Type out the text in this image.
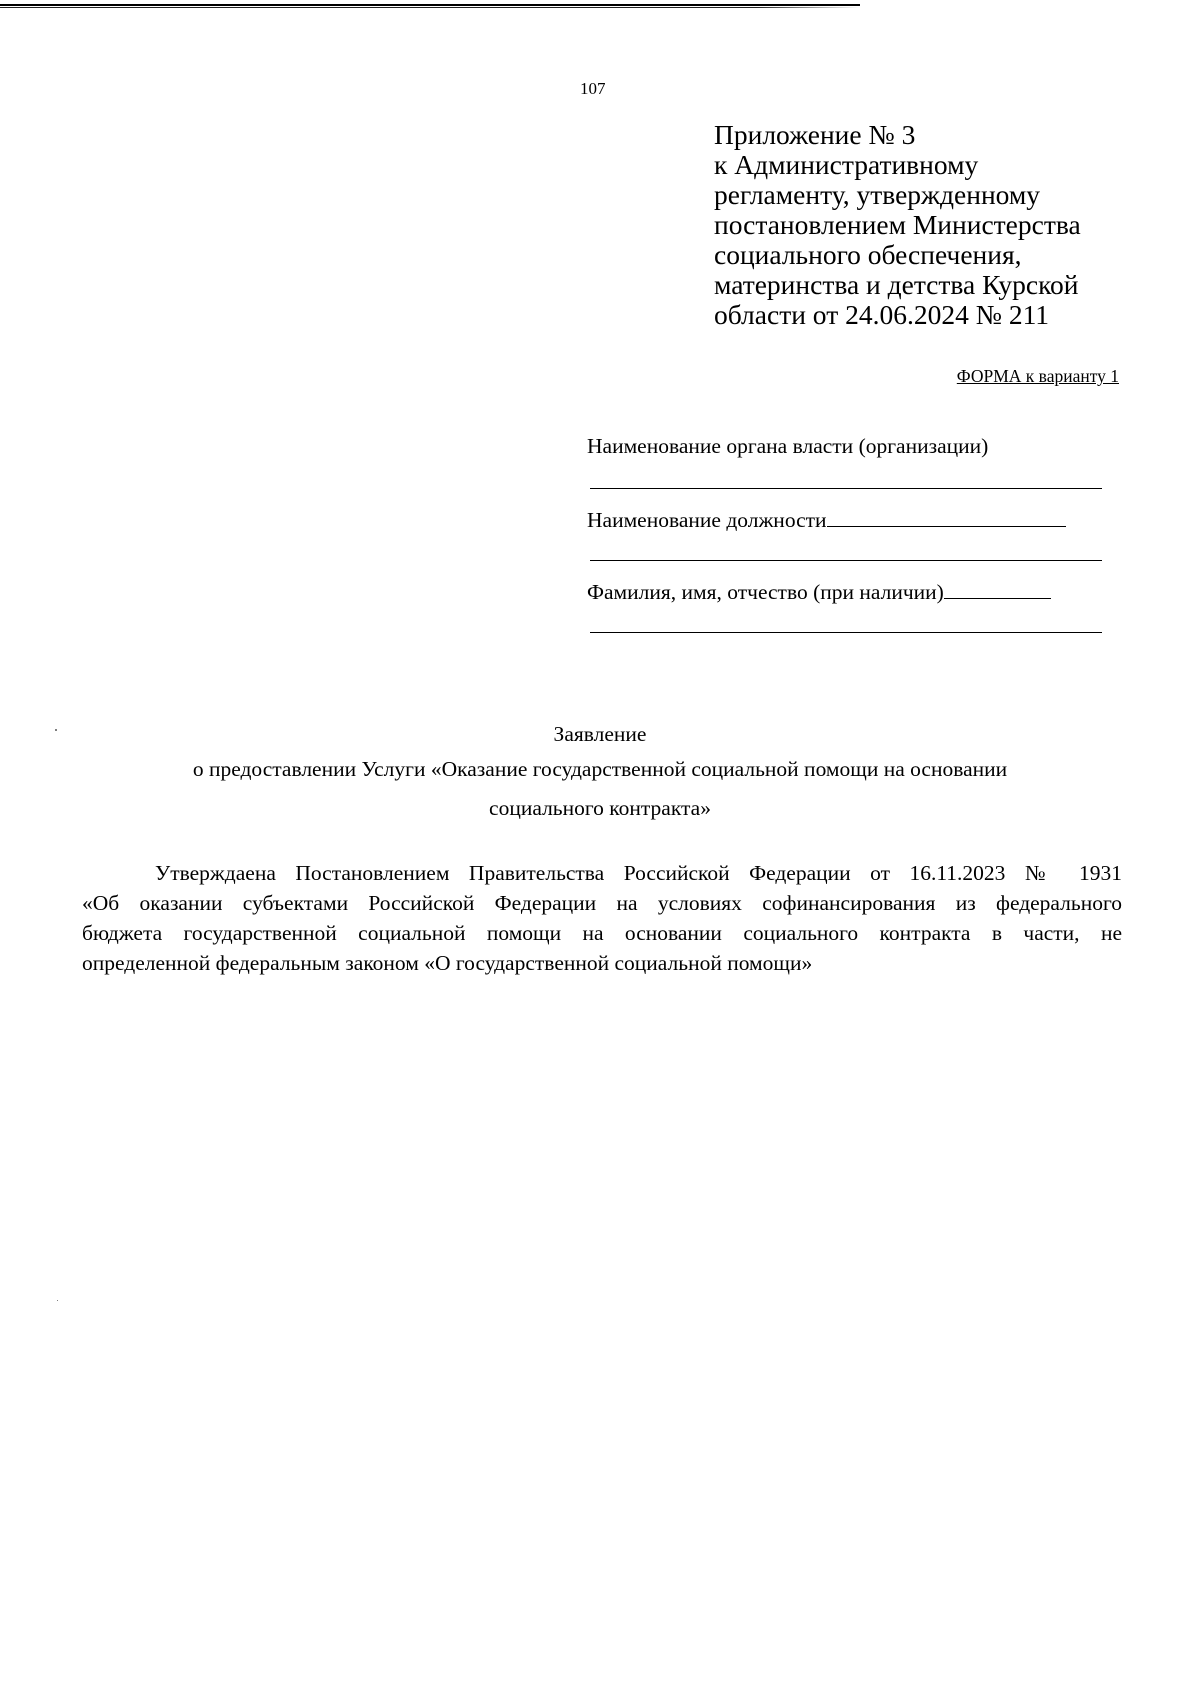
107
Приложение № 3
к Административному
регламенту, утвержденному
постановлением Министерства
социального обеспечения,
материнства и детства Курской
области от 24.06.2024 № 211
ФОРМА к варианту 1
Наименование органа власти (организации)
Наименование должности
Фамилия, имя, отчество (при наличии)
Заявление
о предоставлении Услуги «Оказание государственной социальной помощи на основании
социального контракта»
Утверждаена Постановлением Правительства Российской Федерации от 16.11.2023 № 1931
«Об оказании субъектами Российской Федерации на условиях софинансирования из федерального
бюджета государственной социальной помощи на основании социального контракта в части, не
определенной федеральным законом «О государственной социальной помощи»
